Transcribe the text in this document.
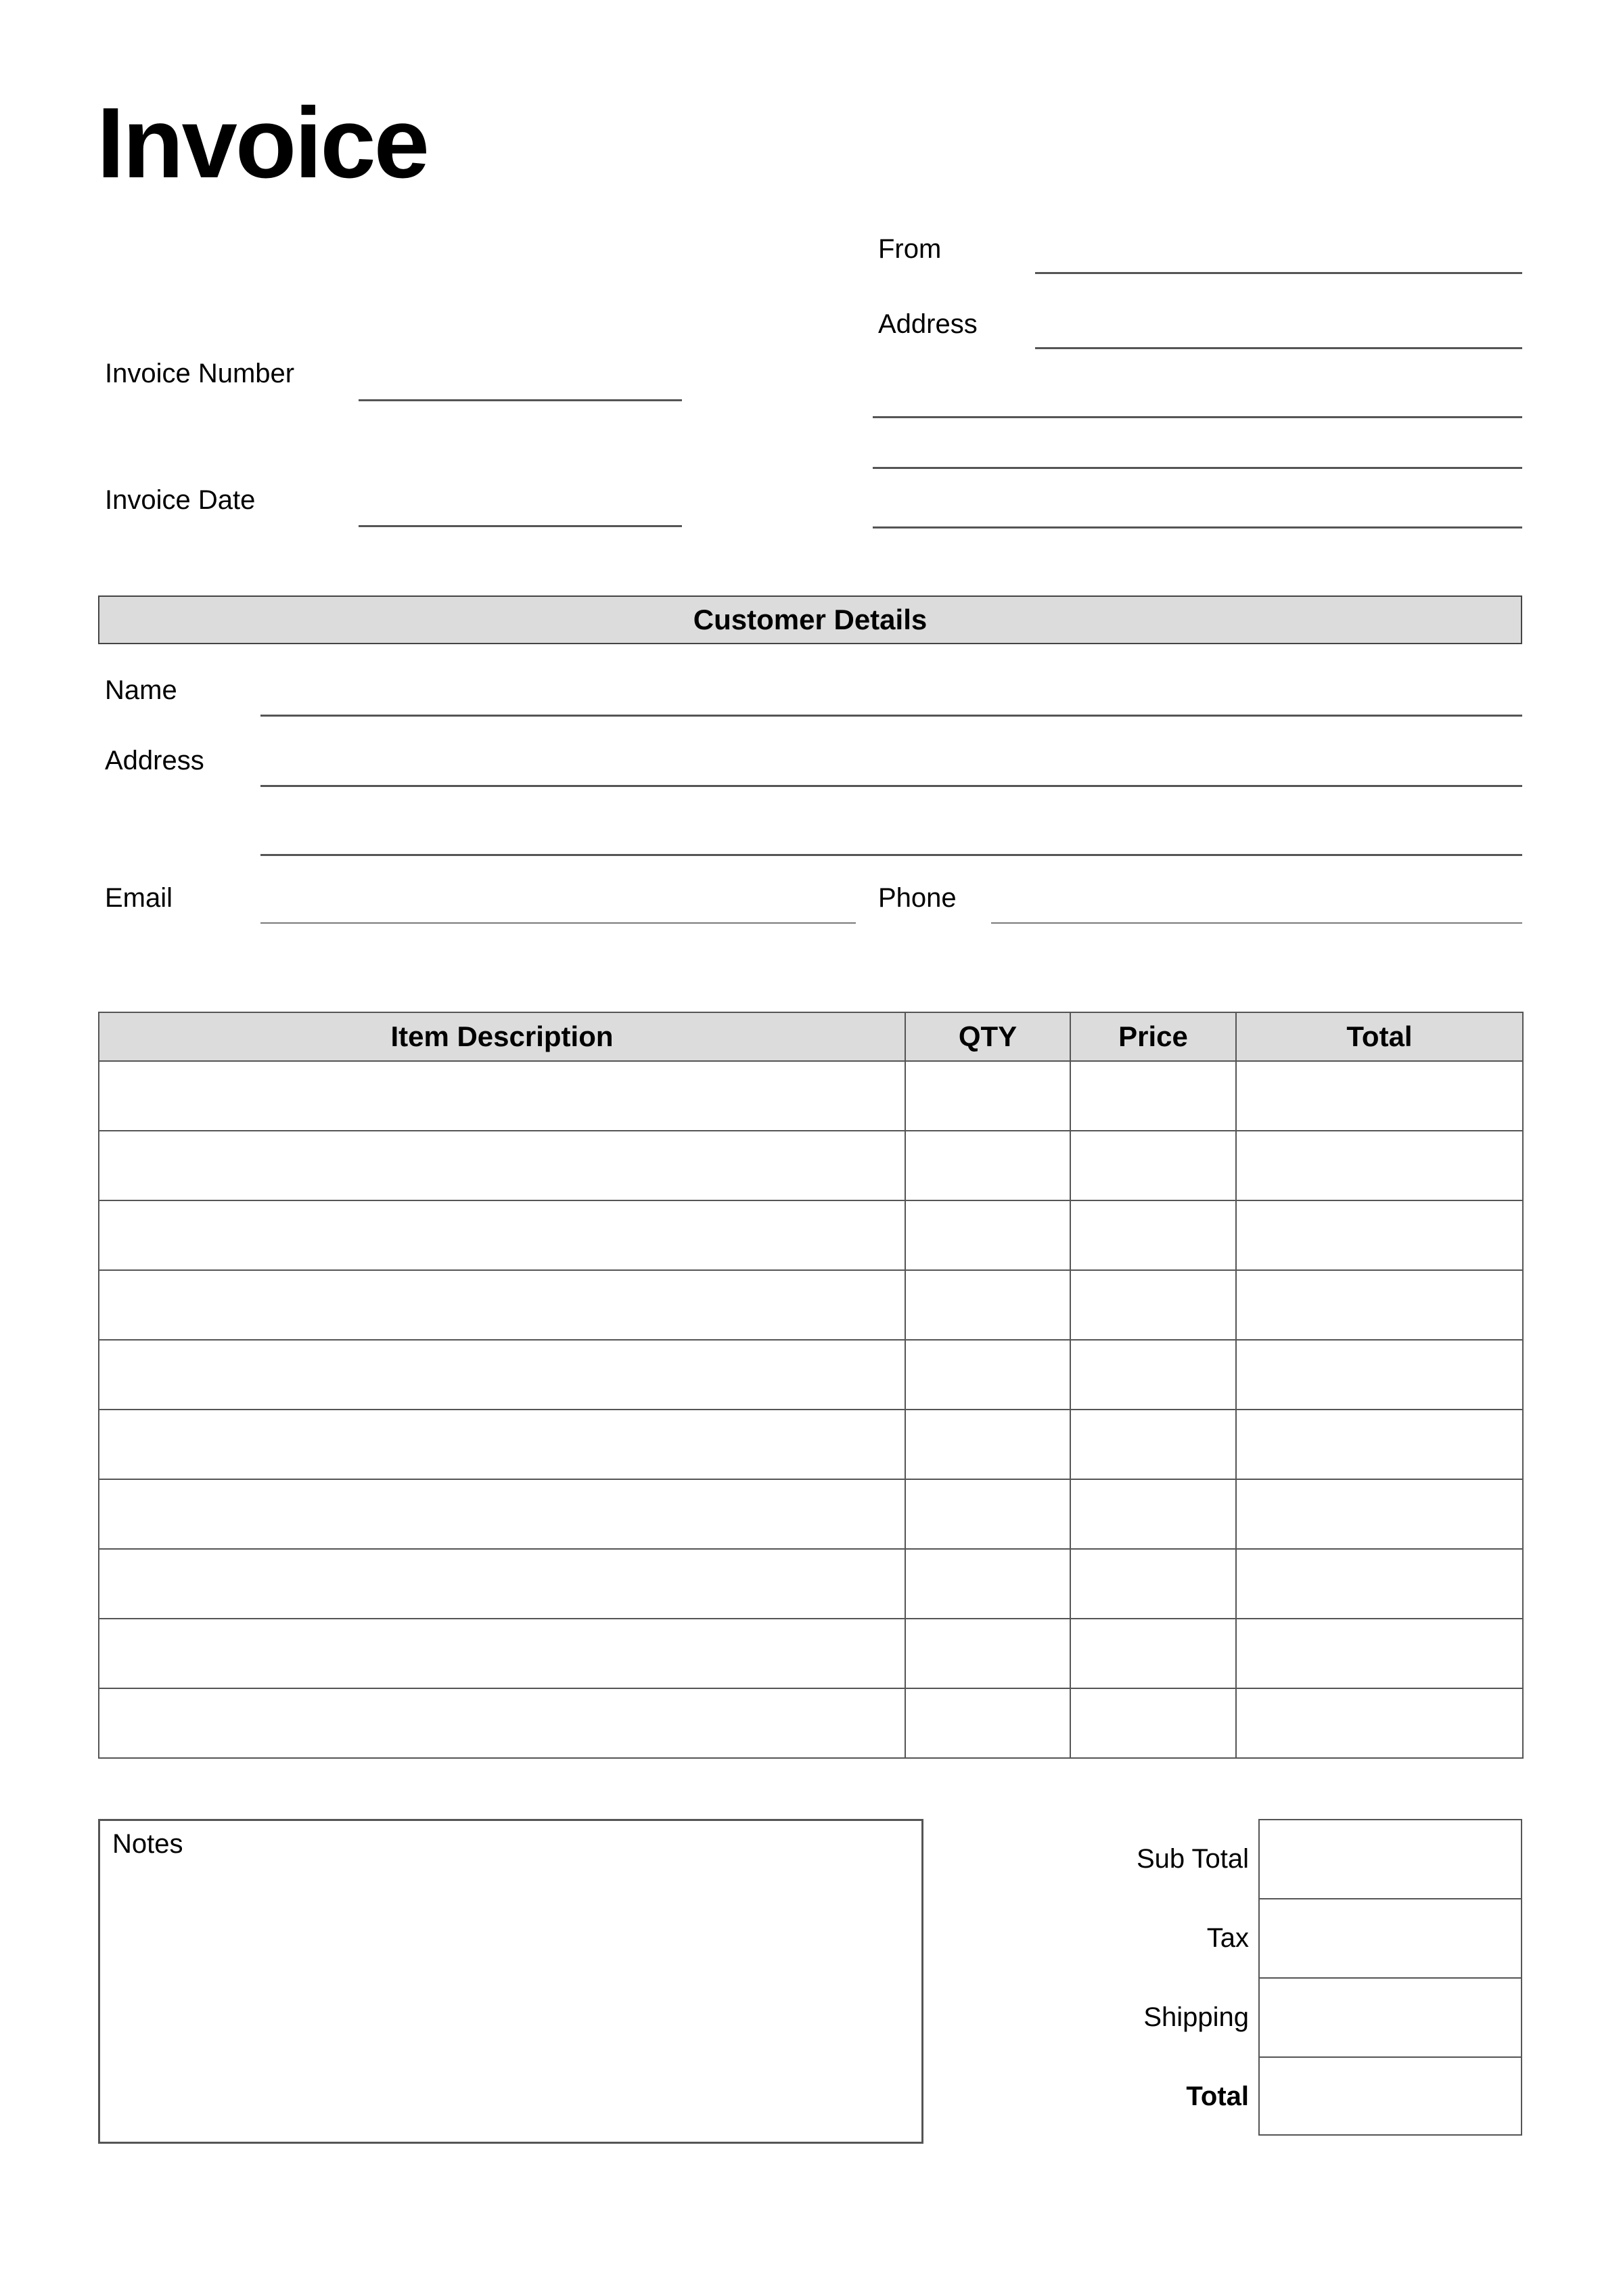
Invoice
Invoice Number
Invoice Date
From
Address
Customer Details
Name
Address
Email	Phone
Item Description	QTY	Price	Total

Notes	Sub Total
Tax
Shipping
Total
